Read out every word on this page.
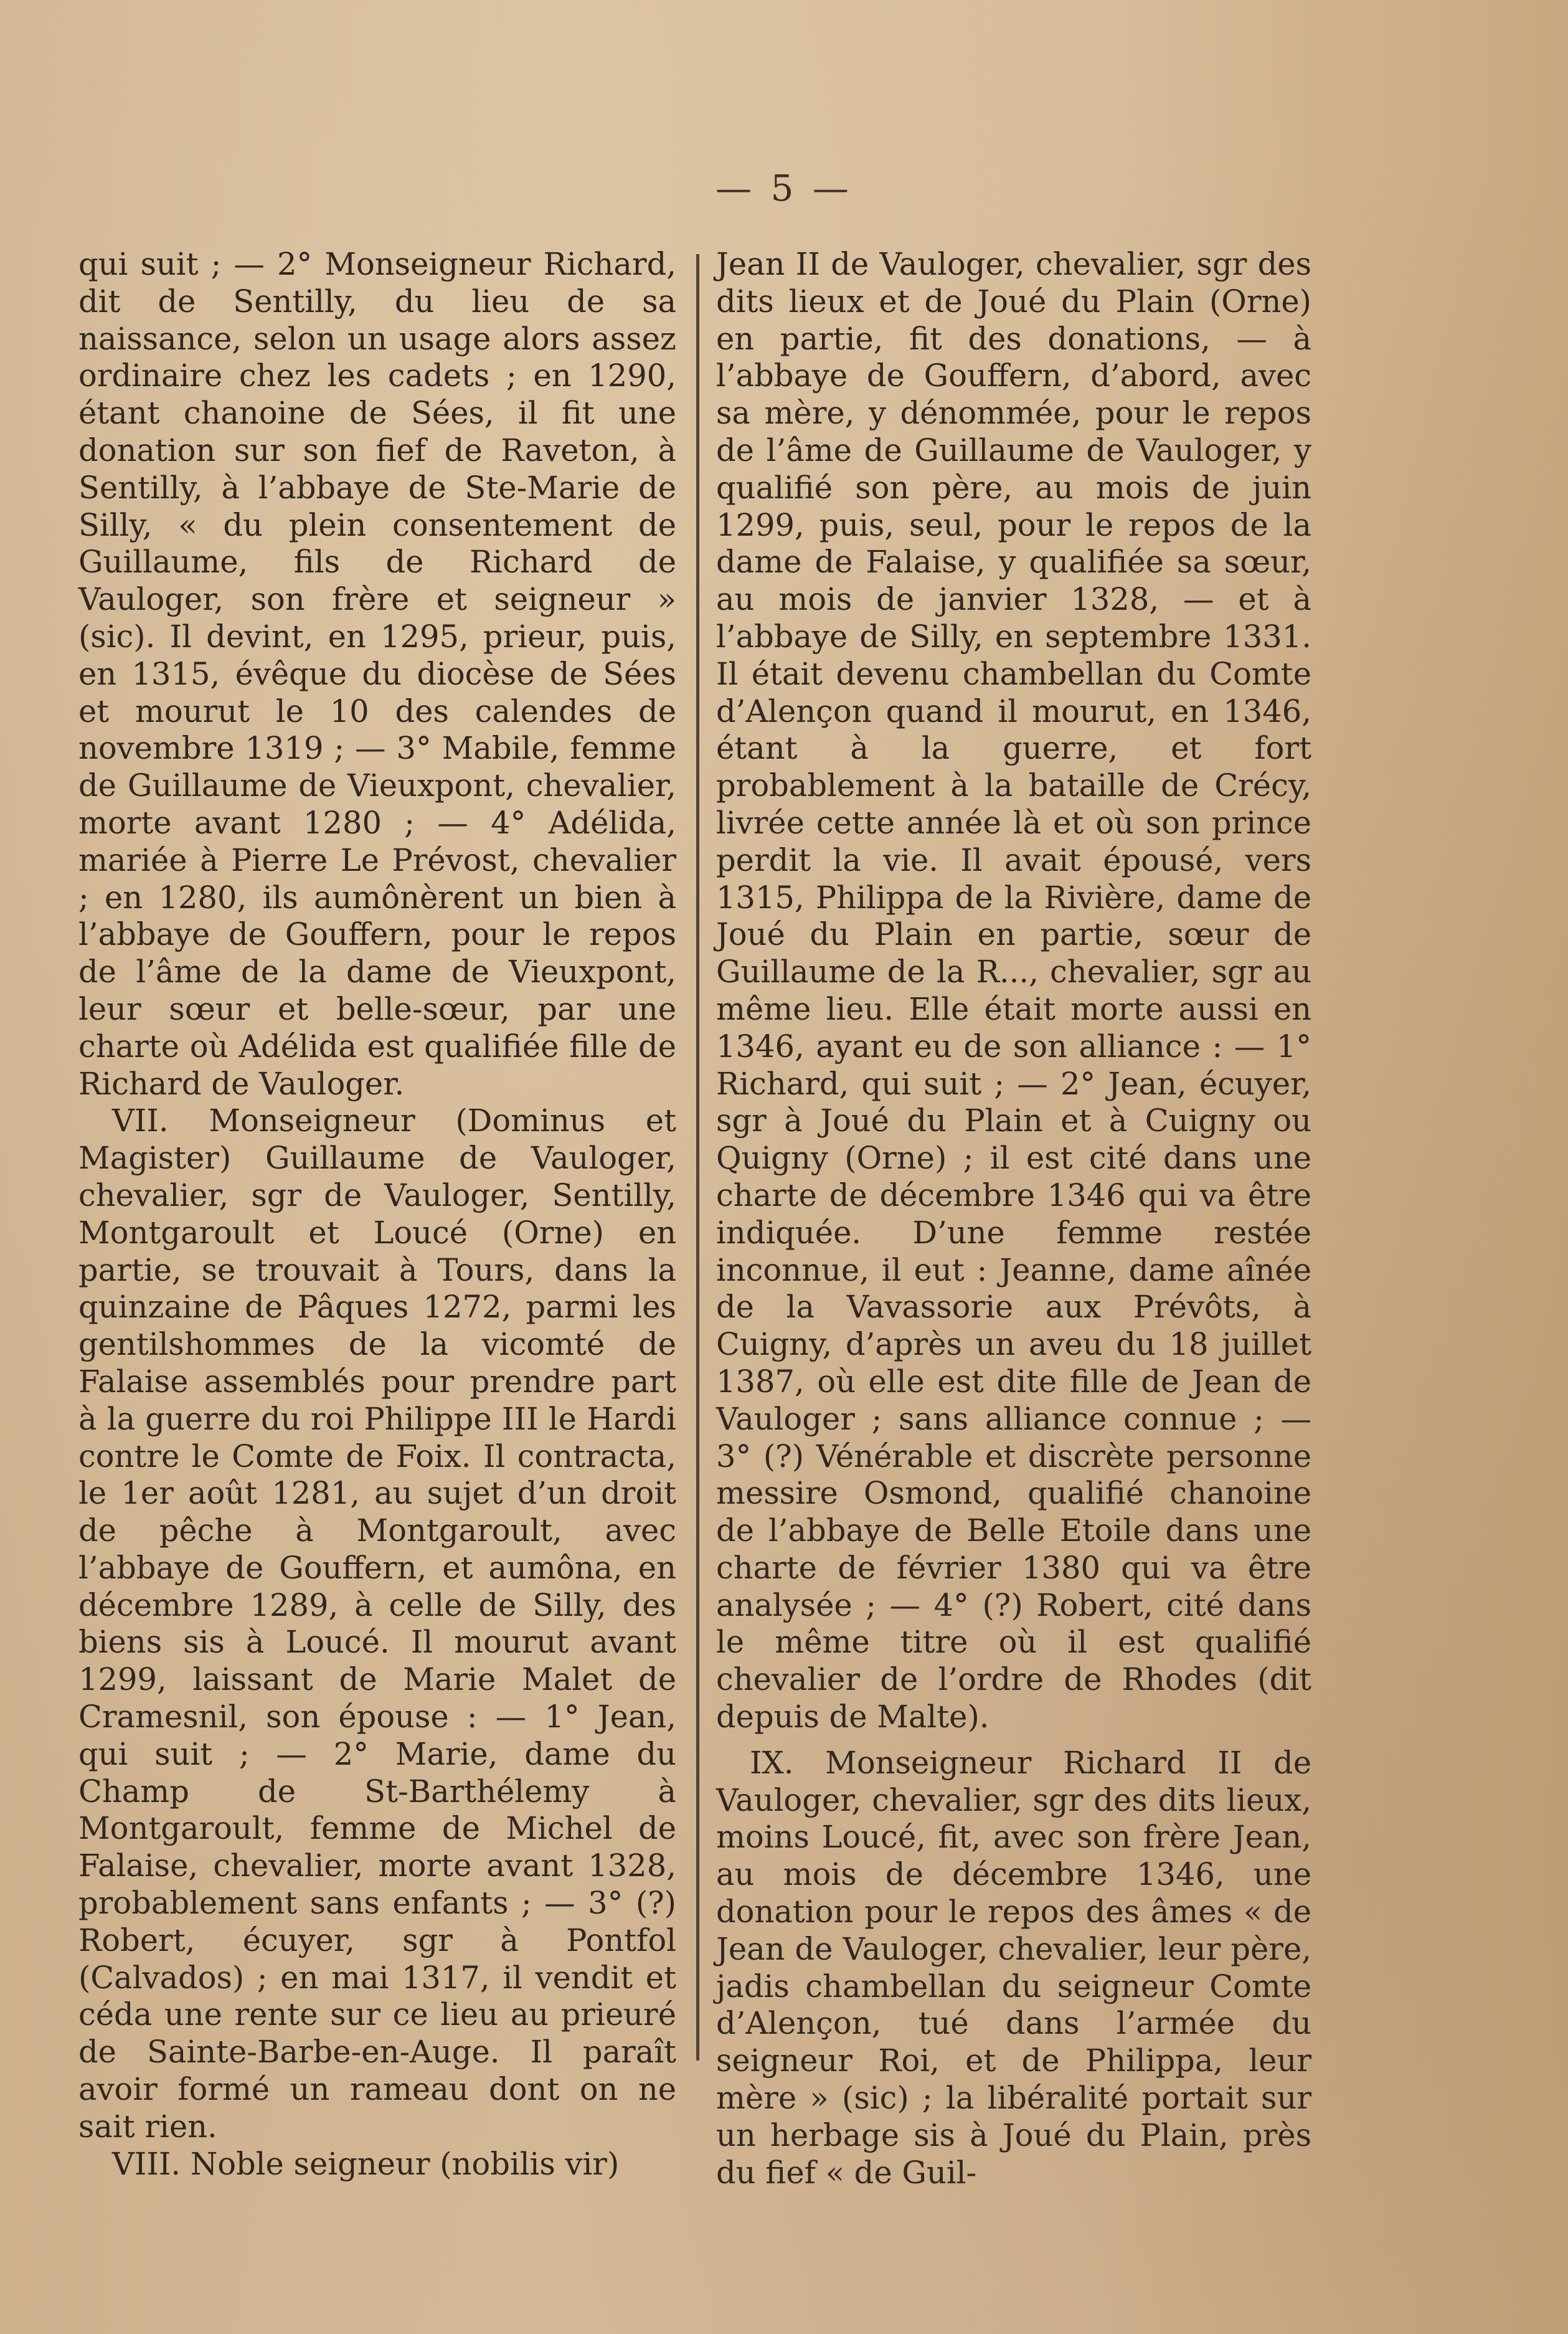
— 5 —

qui suit ; — 2° Monseigneur Richard, dit de Sentilly, du lieu de sa naissance, selon un usage alors assez ordinaire chez les cadets ; en 1290, étant chanoine de Sées, il fit une donation sur son fief de Raveton, à Sentilly, à l’abbaye de Ste-Marie de Silly, « du plein consentement de Guillaume, fils de Richard de Vauloger, son frère et seigneur » (sic). Il devint, en 1295, prieur, puis, en 1315, évêque du diocèse de Sées et mourut le 10 des calendes de novembre 1319 ; — 3° Mabile, femme de Guillaume de Vieuxpont, chevalier, morte avant 1280 ; — 4° Adélida, mariée à Pierre Le Prévost, chevalier ; en 1280, ils aumônèrent un bien à l’abbaye de Gouffern, pour le repos de l’âme de la dame de Vieuxpont, leur sœur et belle-sœur, par une charte où Adélida est qualifiée fille de Richard de Vauloger.

VII. Monseigneur (Dominus et Magister) Guillaume de Vauloger, chevalier, sgr de Vauloger, Sentilly, Montgaroult et Loucé (Orne) en partie, se trouvait à Tours, dans la quinzaine de Pâques 1272, parmi les gentilshommes de la vicomté de Falaise assemblés pour prendre part à la guerre du roi Philippe III le Hardi contre le Comte de Foix. Il contracta, le 1er août 1281, au sujet d’un droit de pêche à Montgaroult, avec l’abbaye de Gouffern, et aumôna, en décembre 1289, à celle de Silly, des biens sis à Loucé. Il mourut avant 1299, laissant de Marie Malet de Cramesnil, son épouse : — 1° Jean, qui suit ; — 2° Marie, dame du Champ de St-Barthélemy à Montgaroult, femme de Michel de Falaise, chevalier, morte avant 1328, probablement sans enfants ; — 3° (?) Robert, écuyer, sgr à Pontfol (Calvados) ; en mai 1317, il vendit et céda une rente sur ce lieu au prieuré de Sainte-Barbe-en-Auge. Il paraît avoir formé un rameau dont on ne sait rien.

VIII. Noble seigneur (nobilis vir)

Jean II de Vauloger, chevalier, sgr des dits lieux et de Joué du Plain (Orne) en partie, fit des donations, — à l’abbaye de Gouffern, d’abord, avec sa mère, y dénommée, pour le repos de l’âme de Guillaume de Vauloger, y qualifié son père, au mois de juin 1299, puis, seul, pour le repos de la dame de Falaise, y qualifiée sa sœur, au mois de janvier 1328, — et à l’abbaye de Silly, en septembre 1331. Il était devenu chambellan du Comte d’Alençon quand il mourut, en 1346, étant à la guerre, et fort probablement à la bataille de Crécy, livrée cette année là et où son prince perdit la vie. Il avait épousé, vers 1315, Philippa de la Rivière, dame de Joué du Plain en partie, sœur de Guillaume de la R..., chevalier, sgr au même lieu. Elle était morte aussi en 1346, ayant eu de son alliance : — 1° Richard, qui suit ; — 2° Jean, écuyer, sgr à Joué du Plain et à Cuigny ou Quigny (Orne) ; il est cité dans une charte de décembre 1346 qui va être indiquée. D’une femme restée inconnue, il eut : Jeanne, dame aînée de la Vavassorie aux Prévôts, à Cuigny, d’après un aveu du 18 juillet 1387, où elle est dite fille de Jean de Vauloger ; sans alliance connue ; — 3° (?) Vénérable et discrète personne messire Osmond, qualifié chanoine de l’abbaye de Belle Etoile dans une charte de février 1380 qui va être analysée ; — 4° (?) Robert, cité dans le même titre où il est qualifié chevalier de l’ordre de Rhodes (dit depuis de Malte).

IX. Monseigneur Richard II de Vauloger, chevalier, sgr des dits lieux, moins Loucé, fit, avec son frère Jean, au mois de décembre 1346, une donation pour le repos des âmes « de Jean de Vauloger, chevalier, leur père, jadis chambellan du seigneur Comte d’Alençon, tué dans l’armée du seigneur Roi, et de Philippa, leur mère » (sic) ; la libéralité portait sur un herbage sis à Joué du Plain, près du fief « de Guil-
